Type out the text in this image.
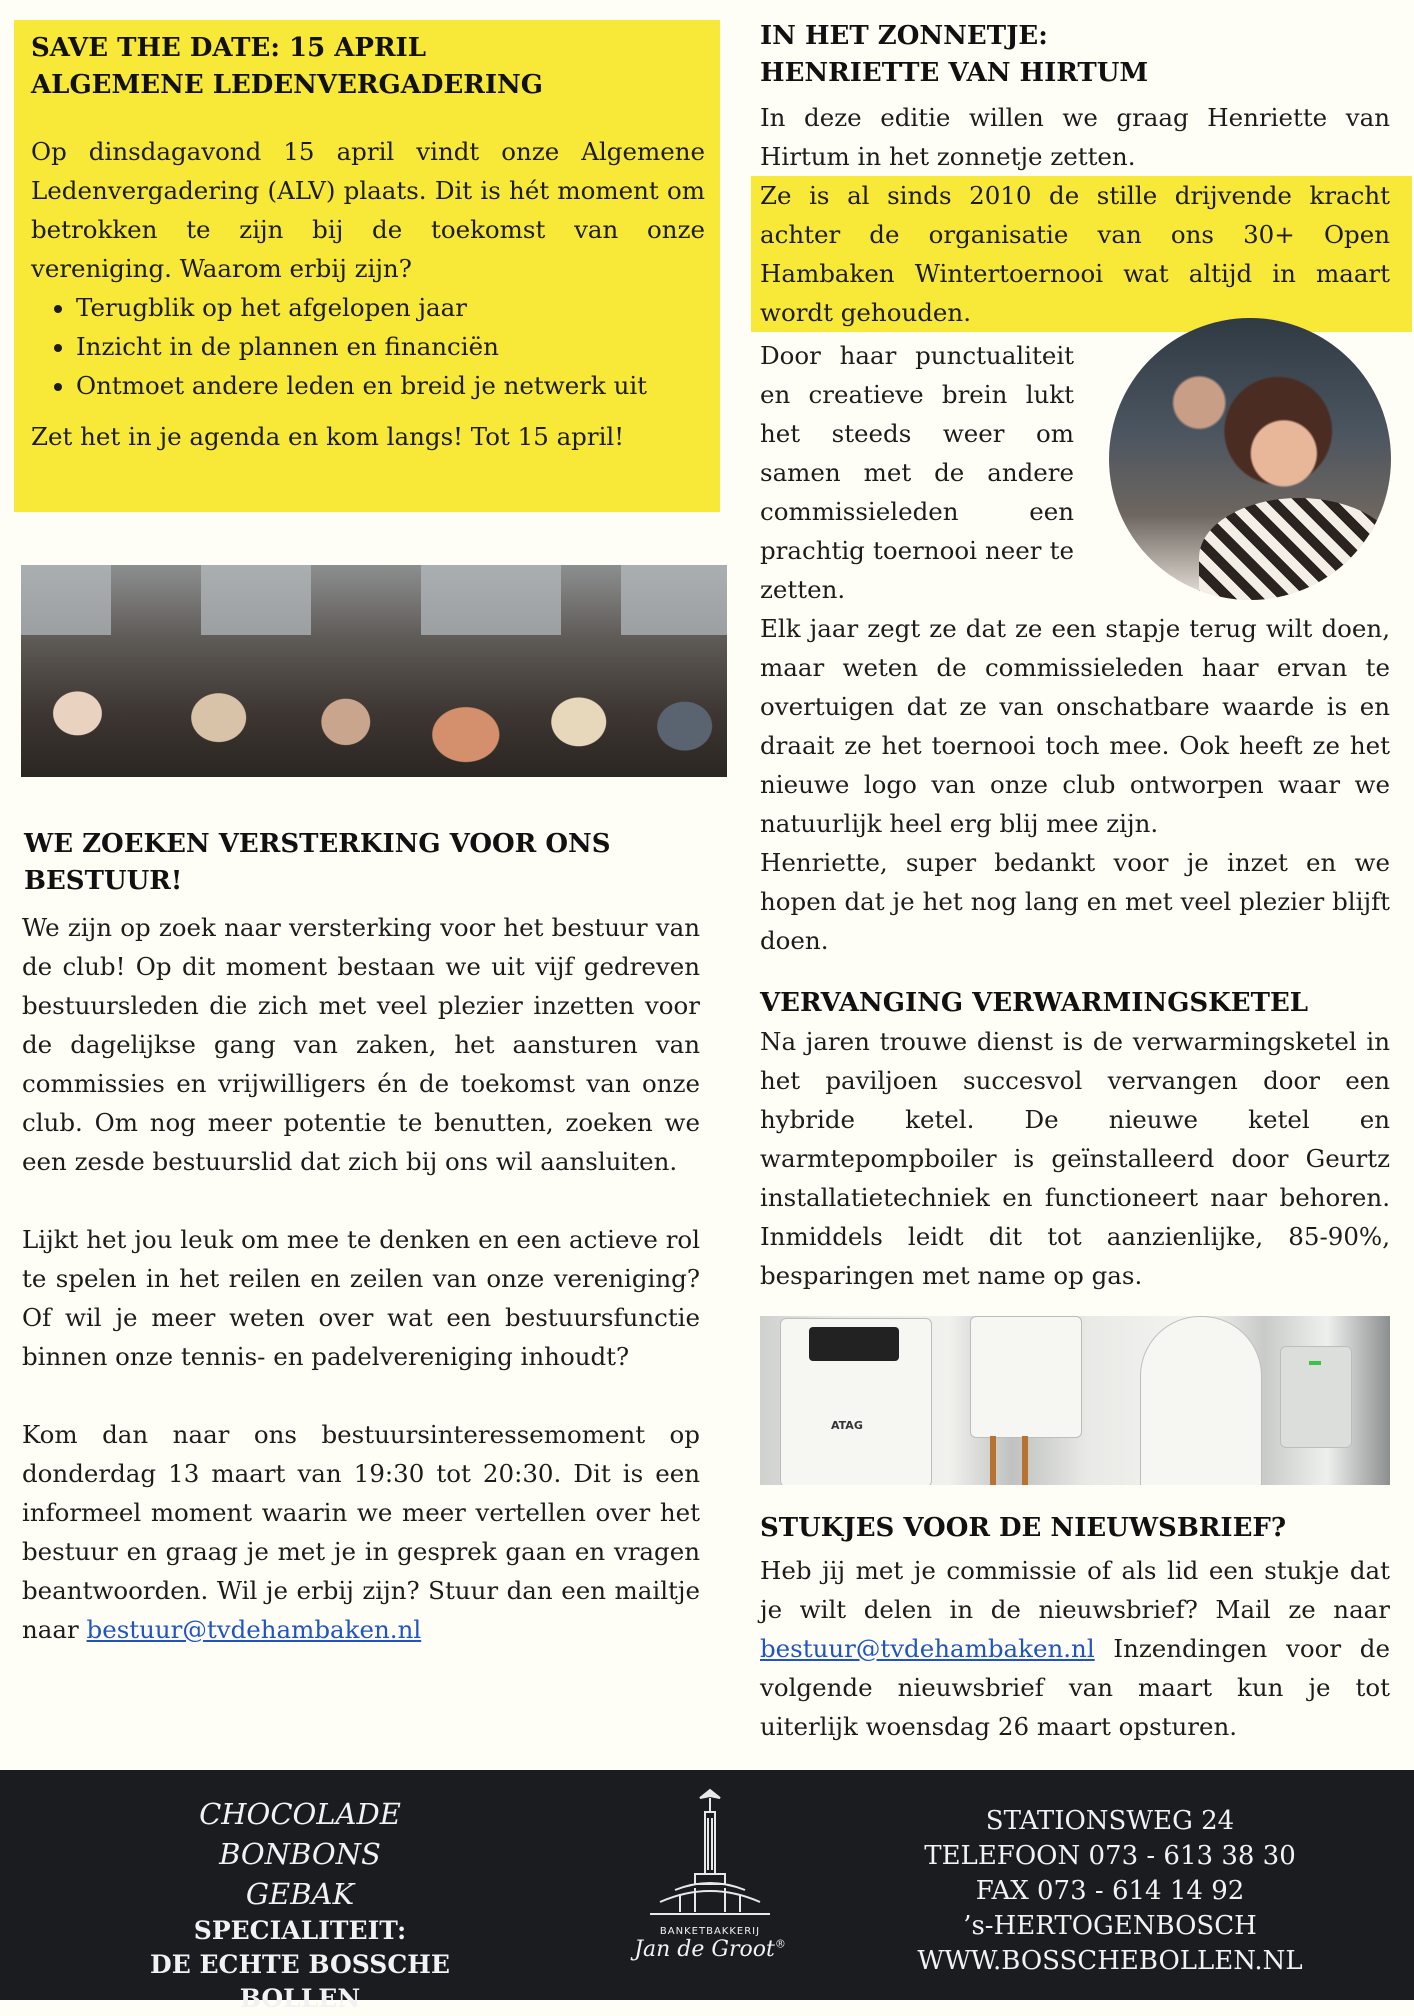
SAVE THE DATE: 15 APRIL
ALGEMENE LEDENVERGADERING

Op dinsdagavond 15 april vindt onze Algemene Ledenvergadering (ALV) plaats. Dit is hét moment om betrokken te zijn bij de toekomst van onze vereniging. Waarom erbij zijn?

• Terugblik op het afgelopen jaar
• Inzicht in de plannen en financiën
• Ontmoet andere leden en breid je netwerk uit

Zet het in je agenda en kom langs! Tot 15 april!

WE ZOEKEN VERSTERKING VOOR ONS
BESTUUR!

We zijn op zoek naar versterking voor het bestuur van de club! Op dit moment bestaan we uit vijf gedreven bestuursleden die zich met veel plezier inzetten voor de dagelijkse gang van zaken, het aansturen van commissies en vrijwilligers én de toekomst van onze club. Om nog meer potentie te benutten, zoeken we een zesde bestuurslid dat zich bij ons wil aansluiten.

Lijkt het jou leuk om mee te denken en een actieve rol te spelen in het reilen en zeilen van onze vereniging? Of wil je meer weten over wat een bestuursfunctie binnen onze tennis- en padelvereniging inhoudt?

Kom dan naar ons bestuursinteressemoment op donderdag 13 maart van 19:30 tot 20:30. Dit is een informeel moment waarin we meer vertellen over het bestuur en graag je met je in gesprek gaan en vragen beantwoorden. Wil je erbij zijn? Stuur dan een mailtje naar bestuur@tvdehambaken.nl

IN HET ZONNETJE:
HENRIETTE VAN HIRTUM

In deze editie willen we graag Henriette van Hirtum in het zonnetje zetten.

Ze is al sinds 2010 de stille drijvende kracht achter de organisatie van ons 30+ Open Hambaken Wintertoernooi wat altijd in maart wordt gehouden.

Door haar punctualiteit en creatieve brein lukt het steeds weer om samen met de andere commissieleden een prachtig toernooi neer te zetten.

Elk jaar zegt ze dat ze een stapje terug wilt doen, maar weten de commissieleden haar ervan te overtuigen dat ze van onschatbare waarde is en draait ze het toernooi toch mee. Ook heeft ze het nieuwe logo van onze club ontworpen waar we natuurlijk heel erg blij mee zijn.

Henriette, super bedankt voor je inzet en we hopen dat je het nog lang en met veel plezier blijft doen.

VERVANGING VERWARMINGSKETEL

Na jaren trouwe dienst is de verwarmingsketel in het paviljoen succesvol vervangen door een hybride ketel. De nieuwe ketel en warmtepompboiler is geïnstalleerd door Geurtz installatietechniek en functioneert naar behoren. Inmiddels leidt dit tot aanzienlijke, 85-90%, besparingen met name op gas.

ATAG
STUKJES VOOR DE NIEUWSBRIEF?

Heb jij met je commissie of als lid een stukje dat je wilt delen in de nieuwsbrief? Mail ze naar bestuur@tvdehambaken.nl Inzendingen voor de volgende nieuwsbrief van maart kun je tot uiterlijk woensdag 26 maart opsturen.

CHOCOLADE
BONBONS
GEBAK
SPECIALITEIT:
DE ECHTE BOSSCHE BOLLEN
BANKETBAKKERIJ
Jan de Groot®
STATIONSWEG 24
TELEFOON 073 - 613 38 30
FAX 073 - 614 14 92
’s-HERTOGENBOSCH
WWW.BOSSCHEBOLLEN.NL
